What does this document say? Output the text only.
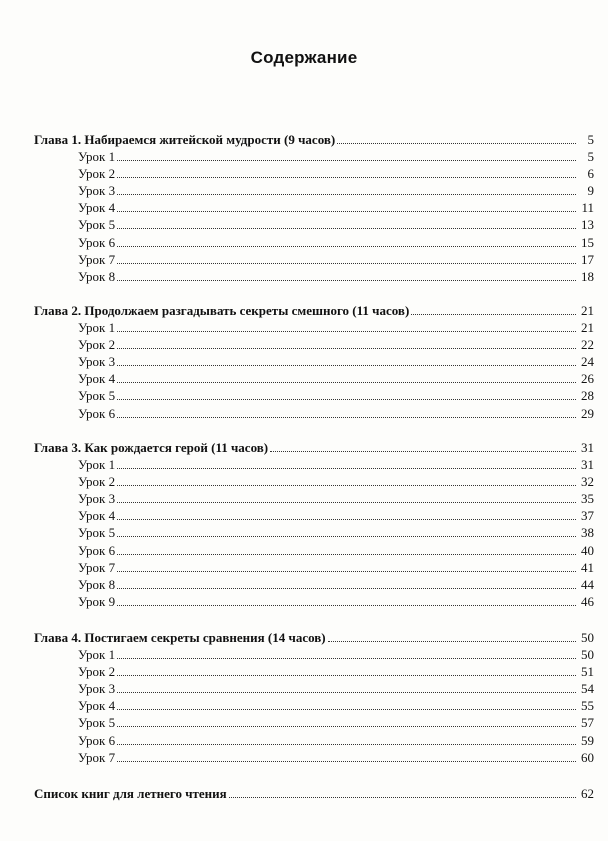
Содержание
Глава 1. Набираемся житейской мудрости (9 часов)	5
Урок 1	5
Урок 2	6
Урок 3	9
Урок 4	11
Урок 5	13
Урок 6	15
Урок 7	17
Урок 8	18
Глава 2. Продолжаем разгадывать секреты смешного (11 часов)	21
Урок 1	21
Урок 2	22
Урок 3	24
Урок 4	26
Урок 5	28
Урок 6	29
Глава 3. Как рождается герой (11 часов)	31
Урок 1	31
Урок 2	32
Урок 3	35
Урок 4	37
Урок 5	38
Урок 6	40
Урок 7	41
Урок 8	44
Урок 9	46
Глава 4. Постигаем секреты сравнения (14 часов)	50
Урок 1	50
Урок 2	51
Урок 3	54
Урок 4	55
Урок 5	57
Урок 6	59
Урок 7	60
Список книг для летнего чтения	62
